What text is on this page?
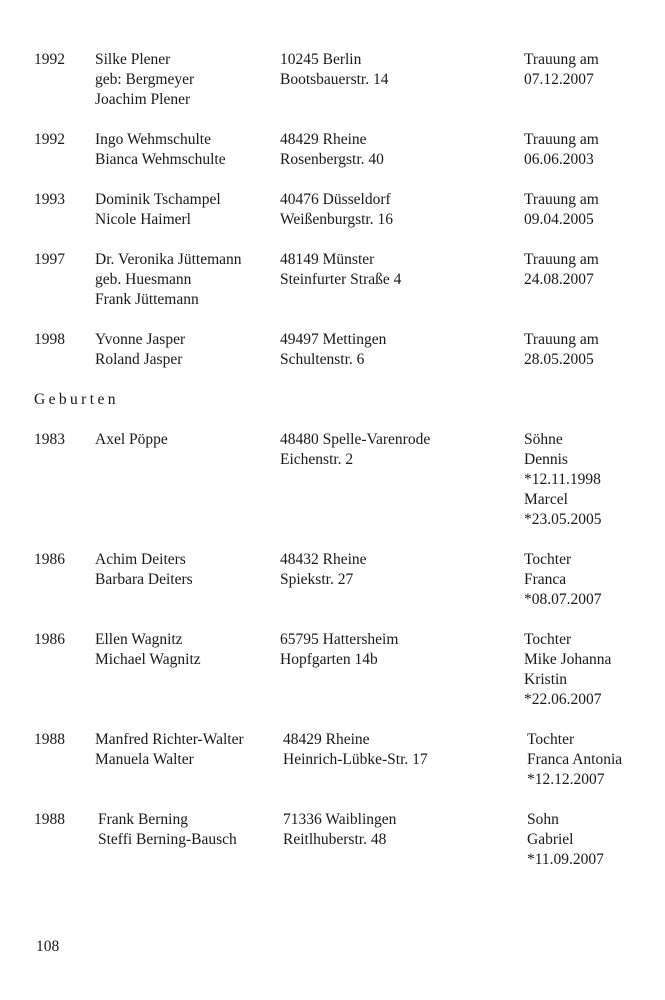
1992 Silke Plener
geb: Bergmeyer
Joachim Plener
10245 Berlin
Bootsbauerstr. 14
Trauung am
07.12.2007
1992 Ingo Wehmschulte
Bianca Wehmschulte
48429 Rheine
Rosenbergstr. 40
Trauung am
06.06.2003
1993 Dominik Tschampel
Nicole Haimerl
40476 Düsseldorf
Weißenburgstr. 16
Trauung am
09.04.2005
1997 Dr. Veronika Jüttemann
geb. Huesmann
Frank Jüttemann
48149 Münster
Steinfurter Straße 4
Trauung am
24.08.2007
1998 Yvonne Jasper
Roland Jasper
49497 Mettingen
Schultenstr. 6
Trauung am
28.05.2005
Geburten
1983 Axel Pöppe	48480 Spelle-Varenrode
Eichenstr. 2
Söhne
Dennis
*12.11.1998
Marcel
*23.05.2005
1986 Achim Deiters
Barbara Deiters
48432 Rheine
Spiekstr. 27
Tochter
Franca
*08.07.2007
1986 Ellen Wagnitz
Michael Wagnitz
65795 Hattersheim
Hopfgarten 14b
Tochter
Mike Johanna
Kristin
*22.06.2007
1988 Manfred Richter-Walter
Manuela Walter
48429 Rheine
Heinrich-Lübke-Str. 17
Tochter
Franca Antonia
*12.12.2007
1988 Frank Berning
Steffi Berning-Bausch
71336 Waiblingen
Reitlhuberstr. 48
Sohn
Gabriel
*11.09.2007
108
